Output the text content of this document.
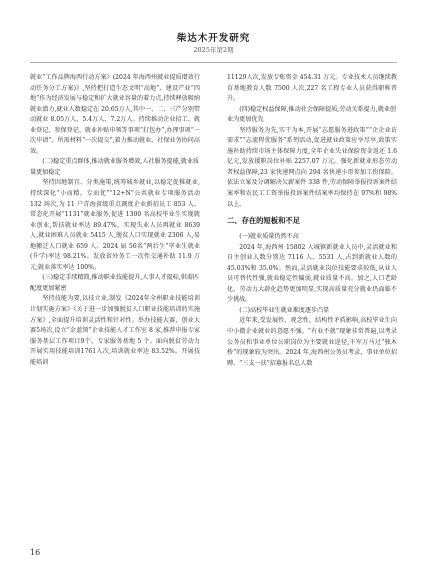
柴达木开发研究
2025年第2期

就业“工作品牌海西行动方案》(2024 年海西州就业提质增效行动任务分工方案)》,坚持把打造生态文明“高地”、建设产业“四地”作为经济发展与稳定和扩大就业容量的着力点,持续释放吸纳就业潜力,就业人数稳定在 20.65万人,其中一、二、三产分别带动就业 8.05万人、5.4万人、7.2万人。持续推动企业招工、就业登记、参保登记、就业补贴申领等事项“打包办”,办理事项“一次申请”、所需材料“一次提交”,着力推动就业、社保业务协同高效。

(二)稳定重点群体,推动就业服务增效,人社服务提能,就业质量更加稳定

坚持因地制宜、分类施策,统筹城乡就业,以稳定促推就业,持续深化“小而精、专而优”“12+N”公共就业专项服务活动 132 场次,为 11 户青海省级重点调度企业新招员工 853 人。常态化开展“1131”就业服务,促进 1300 名高校毕业生实现就业创业,帮扶就业率达 89.47%。实现失业人员再就业 8639 人,就业困难人员就业 5415 人,脱贫人口实现就业 2306 人,易地搬迁人口就业 659 人。2024 届 56名“两后生”毕业生就业(升学)率达 98.21%。发放省外务工一次性交通补助 11.9 万元,就业落实率达 100%。

(三)稳定手续精简,推动职业技能提升,人事人才提标,供需匹配度更加紧密

坚持技能为要,以技立业,制发《2024年全州职业技能培训计划实施方案》《关于进一步加强脱贫人口职业技能培训的实施方案》,全面提升培训灵活性和针对性。举办技能大赛、创业大赛5场次,设立“金蓝领”企业技能人才工作室 8 家,推荐申报专家服务基层工作项目9个、专家服务基地 5 个。面向脱贫劳动力开展实用技能培训1761人次,培训就业率达 83.52%。开展技能培训

11129人次,发放专账资金 454.31 万元。专业技术人员继续教育基地教育人数 7500 人次,227 名工程专业人员获得职称晋升。

(四)稳定权益保障,推动社会保障提质,劳动关系提力,就业创业为更加优先

坚持服务为先,实干为本,开展“志愿服务进政策”“企企业访需求”“志流程优服务”系列活动,促进就业政策应享尽享,政策实施补助持续市场主体保障力度,全年企业失业保险资金返还 1.6 亿元,发放援职岗位补贴 2257.07 万元。强化新就业形态劳动者权益保障,23 家快递网点向 294 名快递小哥参加工伤保险。依法立案及分调解决欠薪案件 338 件,劳动保障举报投诉案件结案率和农民工工资举报投诉案件结案率均保持在 97%和 98%以上。

二、存在的短板和不足

(一)就业质量仍然不高

2024 年,海西州 15802 人城镇新就业人员中,灵活就业和自主创业人数分别达 7116 人、5531 人,占到新就业人数的 45.03%和 35.0%。然而,灵活就业岗位技能要求较低,从业人员可替代性强,就业稳定性偏弱,就业质量不高。加之,人口老龄化、劳动力大龄化趋势更加明显,实现高质量充分就业仍面临不少挑战。

(二)高校毕业生就业难度逐步凸显

近年来,受发展性、观念性、结构性矛盾影响,高校毕业生向中小微企业就业的意愿不强。“有业不就”现象非常普遍,以考录公务员和事业单位公职岗位为主要就业途径,千军万马过“独木桥”的现象较为突出。2024 年,海西州公务员考录、事业单位招聘、“三支一扶”招募报名总人数

16
